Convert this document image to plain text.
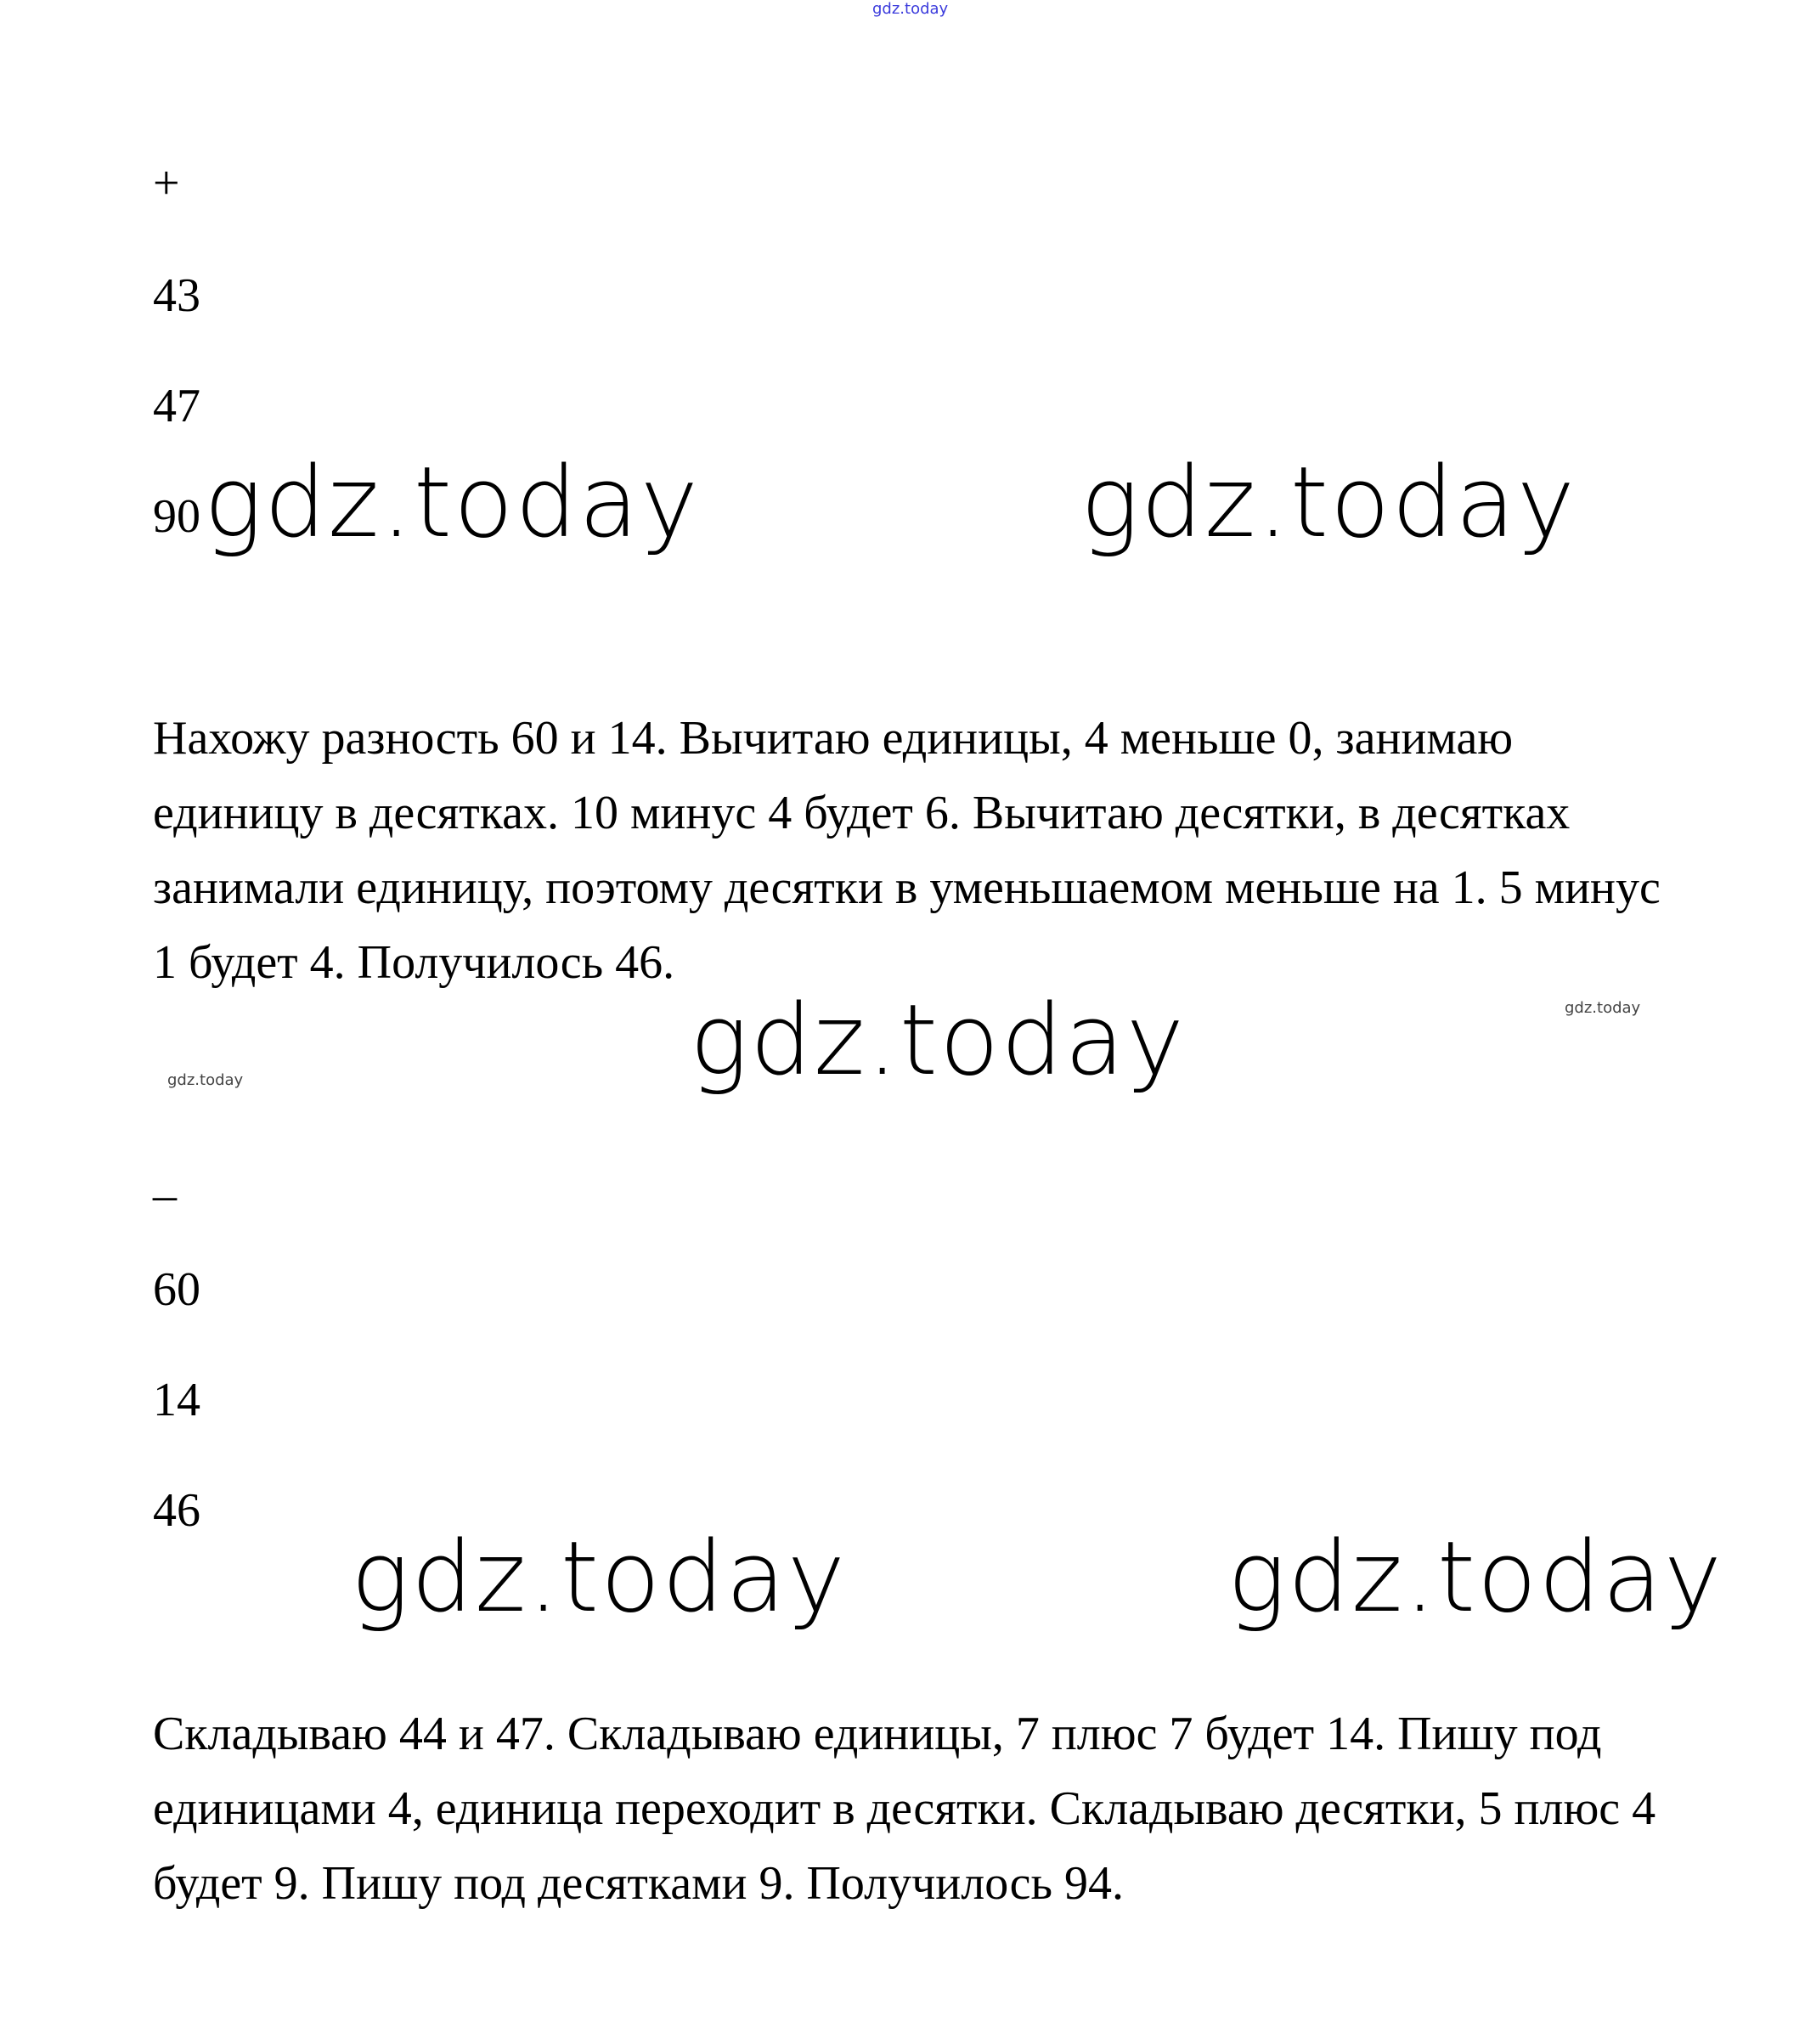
gdz.today
+
43
47
90 gdz.today	gdz.today

Нахожу разность 60 и 14. Вычитаю единицы, 4 меньше 0, занимаю единицу в десятках. 10 минус 4 будет 6. Вычитаю десятки, в десятках занимали единицу, поэтому десятки в уменьшаемом меньше на 1. 5 минус 1 будет 4. Получилось 46.

gdz.today
gdz.today
gdz.today
_
60
14
46
gdz.today	gdz.today

Складываю 44 и 47. Складываю единицы, 7 плюс 7 будет 14. Пишу под единицами 4, единица переходит в десятки. Складываю десятки, 5 плюс 4 будет 9. Пишу под десятками 9. Получилось 94.
